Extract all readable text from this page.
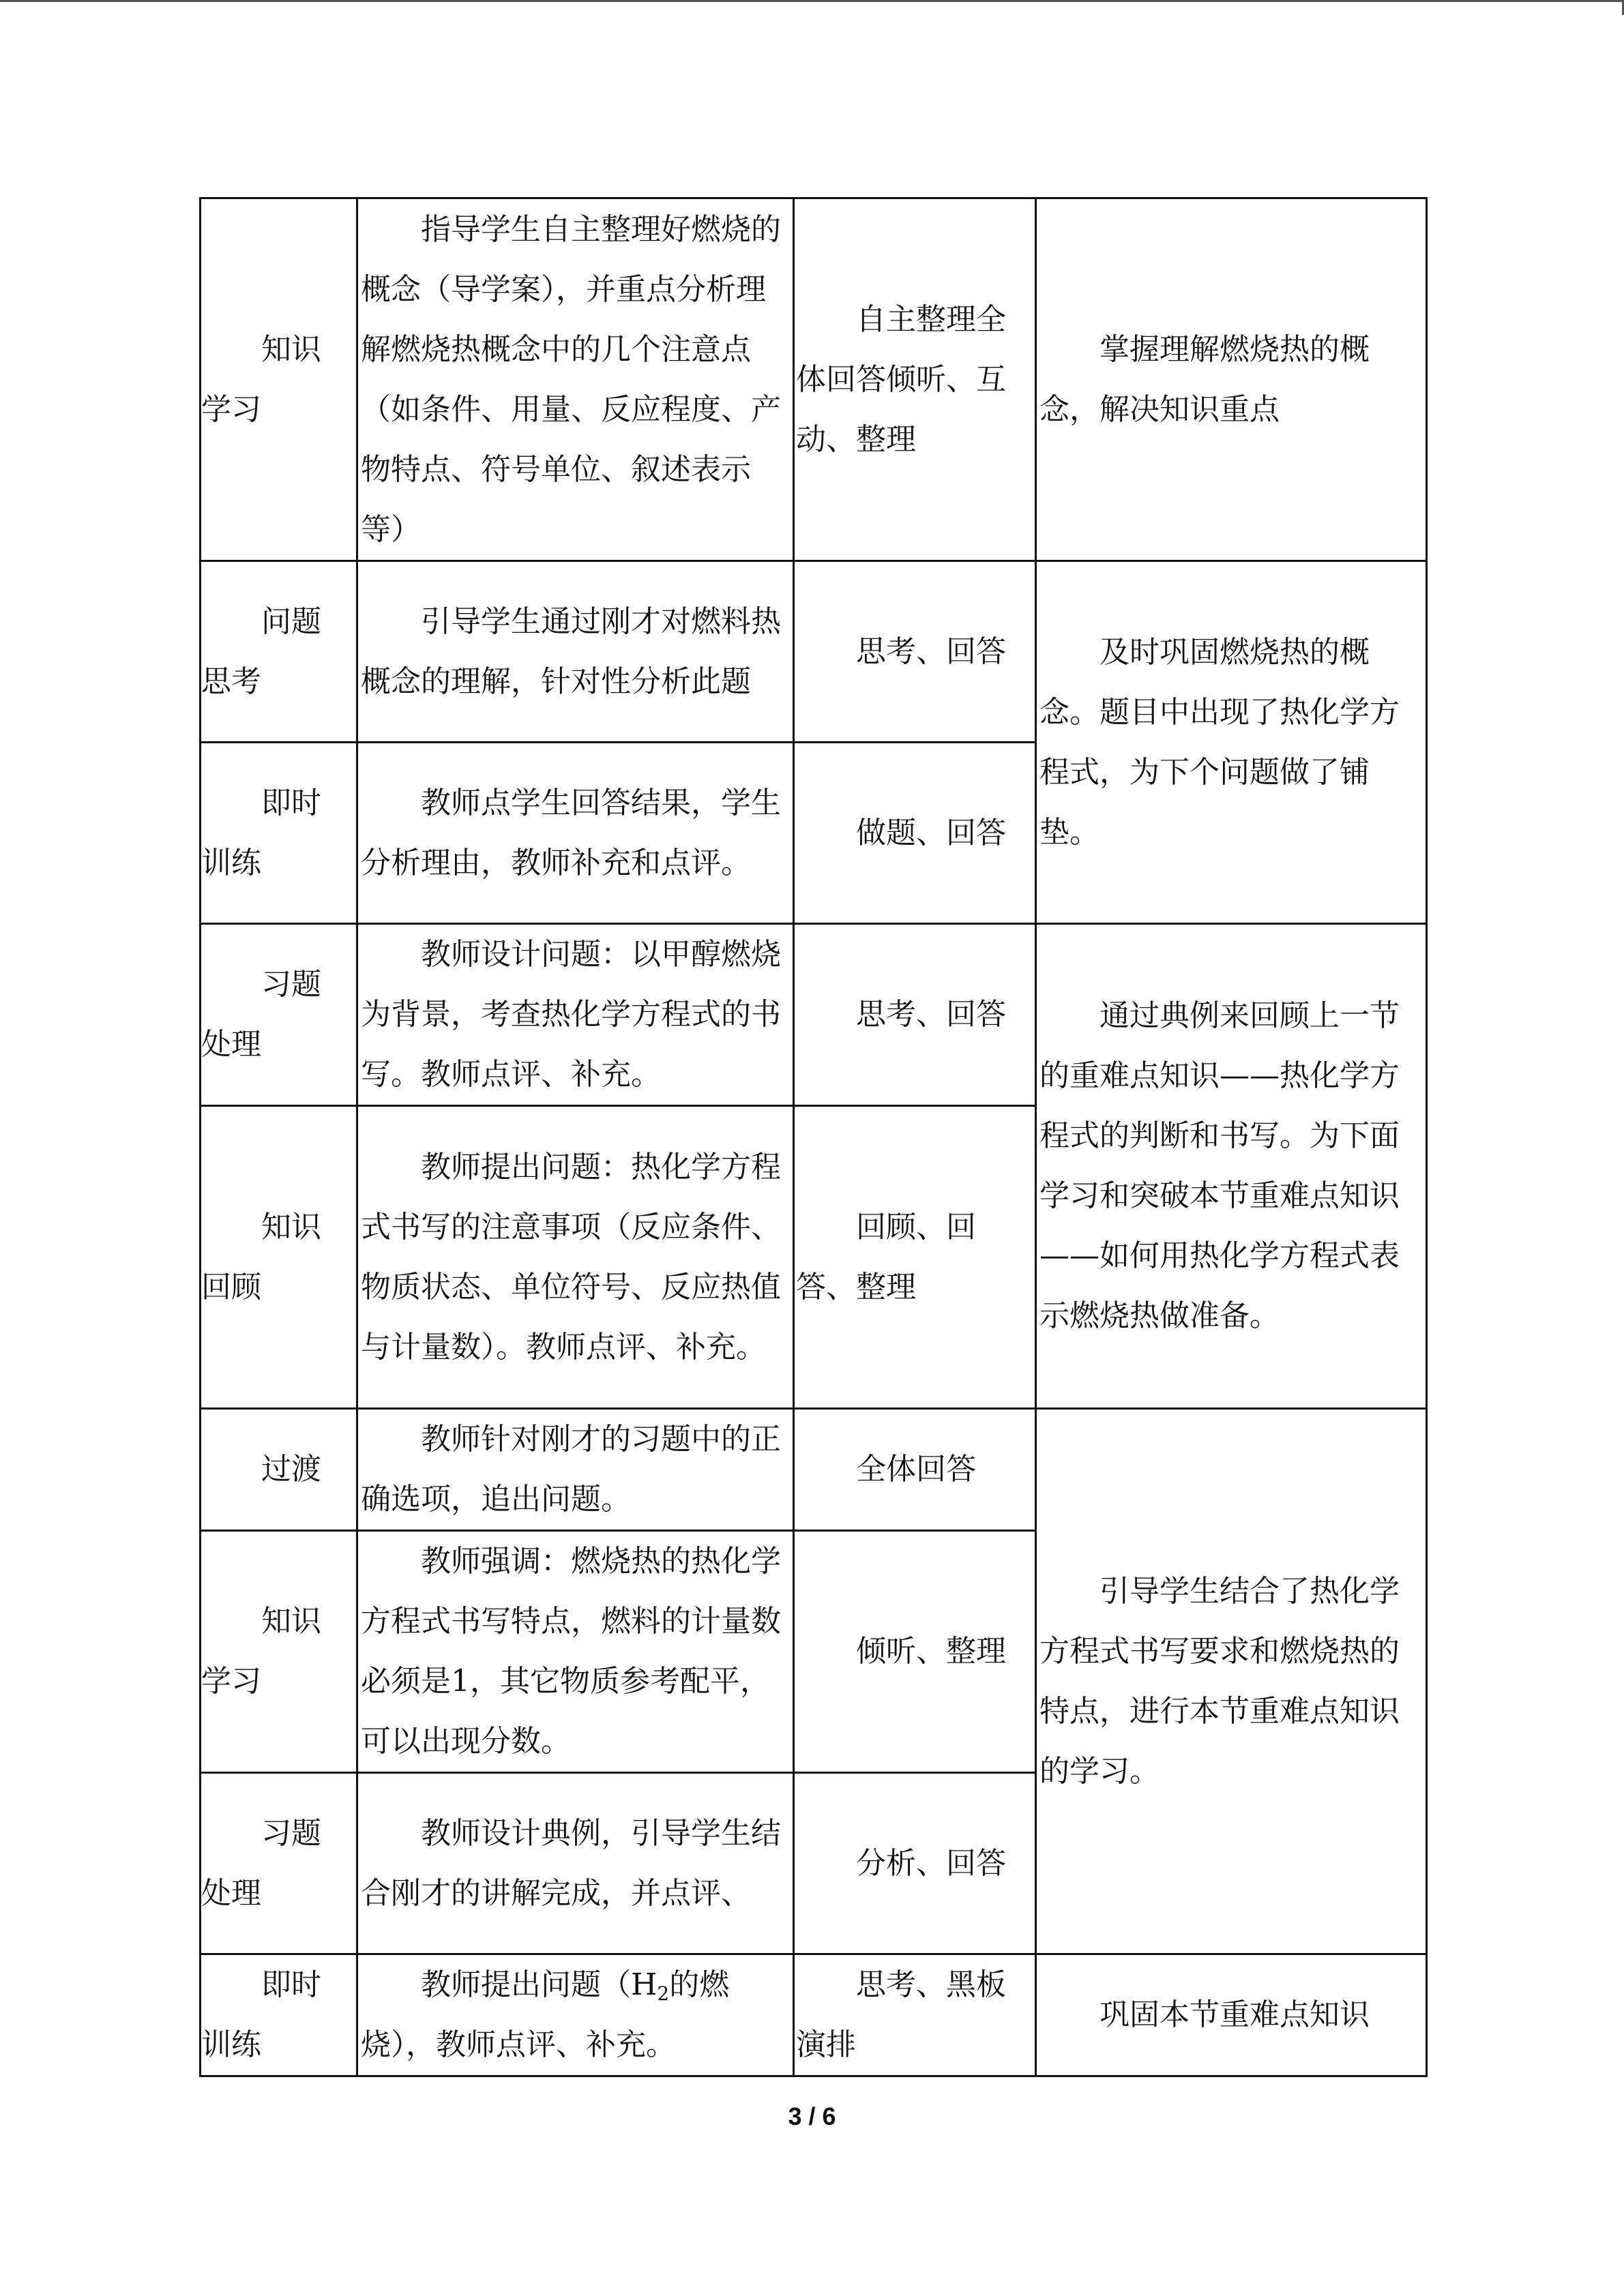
知识学习	指导学生自主整理好燃烧的概念（导学案），并重点分析理解燃烧热概念中的几个注意点（如条件、用量、反应程度、产物特点、符号单位、叙述表示等）	自主整理全体回答倾听、互动、整理	掌握理解燃烧热的概念，解决知识重点
问题思考	引导学生通过刚才对燃料热概念的理解，针对性分析此题	思考、回答	及时巩固燃烧热的概念。题目中出现了热化学方程式，为下个问题做了铺垫。
即时训练	教师点学生回答结果，学生分析理由，教师补充和点评。	做题、回答	
习题处理	教师设计问题：以甲醇燃烧为背景，考查热化学方程式的书写。教师点评、补充。	思考、回答	通过典例来回顾上一节的重难点知识——热化学方程式的判断和书写。为下面学习和突破本节重难点知识——如何用热化学方程式表示燃烧热做准备。
知识回顾	教师提出问题：热化学方程式书写的注意事项（反应条件、物质状态、单位符号、反应热值与计量数）。教师点评、补充。	回顾、回答、整理	
过渡	教师针对刚才的习题中的正确选项，追出问题。	全体回答	引导学生结合了热化学方程式书写要求和燃烧热的特点，进行本节重难点知识的学习。
知识学习	教师强调：燃烧热的热化学方程式书写特点，燃料的计量数必须是1，其它物质参考配平，可以出现分数。	倾听、整理	
习题处理	教师设计典例，引导学生结合刚才的讲解完成，并点评、	分析、回答	
即时训练	教师提出问题（$H_2$的燃烧），教师点评、补充。	思考、黑板演排	巩固本节重难点知识
3 / 6
